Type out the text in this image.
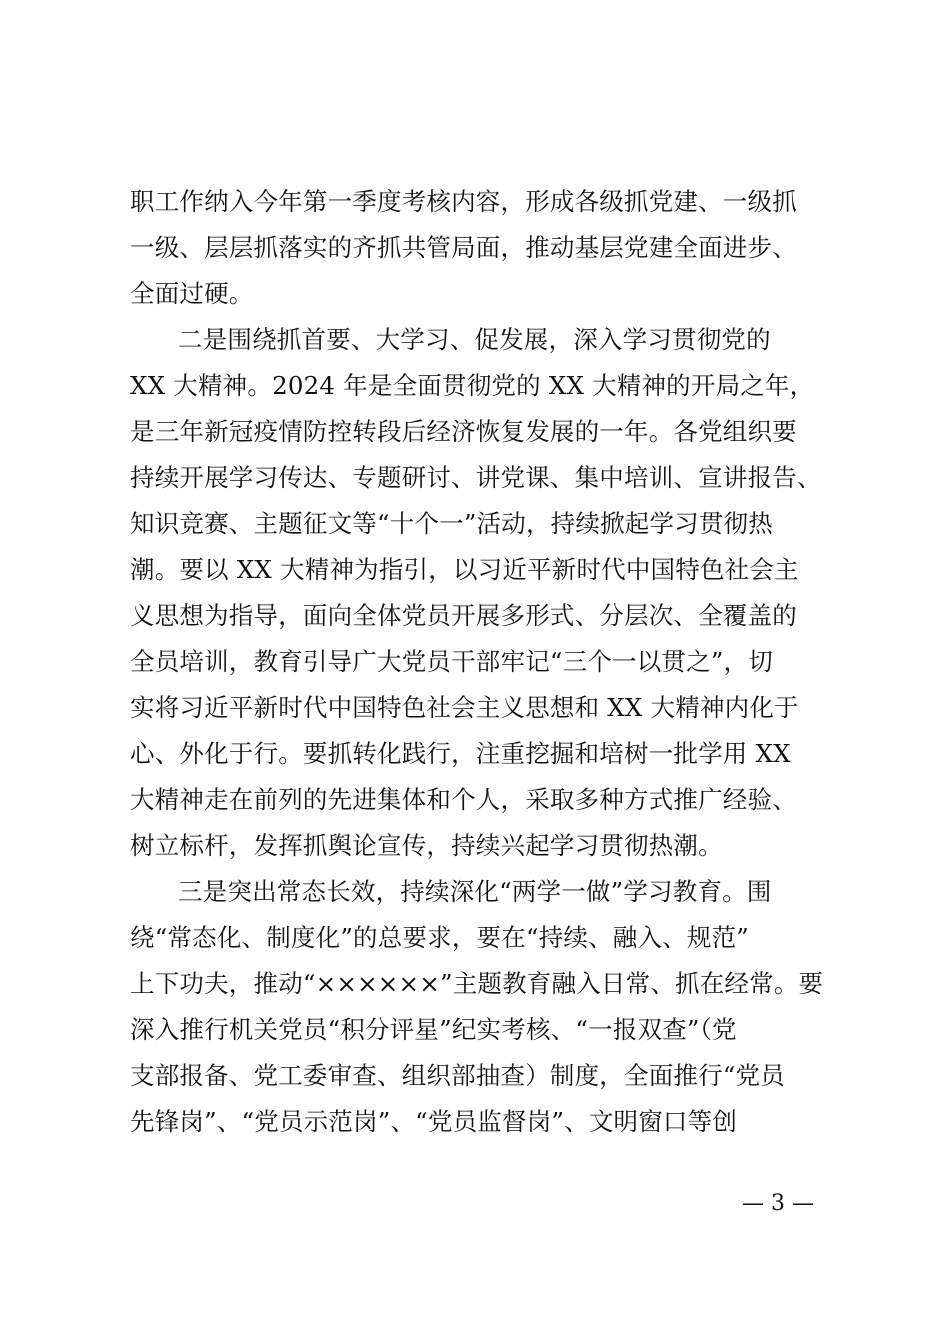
职工作纳入今年第一季度考核内容，形成各级抓党建、一级抓
一级、层层抓落实的齐抓共管局面，推动基层党建全面进步、
全面过硬。
二是围绕抓首要、大学习、促发展，深入学习贯彻党的
XX 大精神。2024 年是全面贯彻党的 XX 大精神的开局之年，
是三年新冠疫情防控转段后经济恢复发展的一年。各党组织要
持续开展学习传达、专题研讨、讲党课、集中培训、宣讲报告、
知识竞赛、主题征文等“十个一”活动，持续掀起学习贯彻热
潮。要以 XX 大精神为指引，以习近平新时代中国特色社会主
义思想为指导，面向全体党员开展多形式、分层次、全覆盖的
全员培训，教育引导广大党员干部牢记“三个一以贯之”，切
实将习近平新时代中国特色社会主义思想和 XX 大精神内化于
心、外化于行。要抓转化践行，注重挖掘和培树一批学用 XX
大精神走在前列的先进集体和个人，采取多种方式推广经验、
树立标杆，发挥抓舆论宣传，持续兴起学习贯彻热潮。
三是突出常态长效，持续深化“两学一做”学习教育。围
绕“常态化、制度化”的总要求，要在“持续、融入、规范”
上下功夫，推动“××××××”主题教育融入日常、抓在经常。要
深入推行机关党员“积分评星”纪实考核、“一报双查”（党
支部报备、党工委审查、组织部抽查）制度，全面推行“党员
先锋岗”、“党员示范岗”、“党员监督岗”、文明窗口等创
— 3 —
